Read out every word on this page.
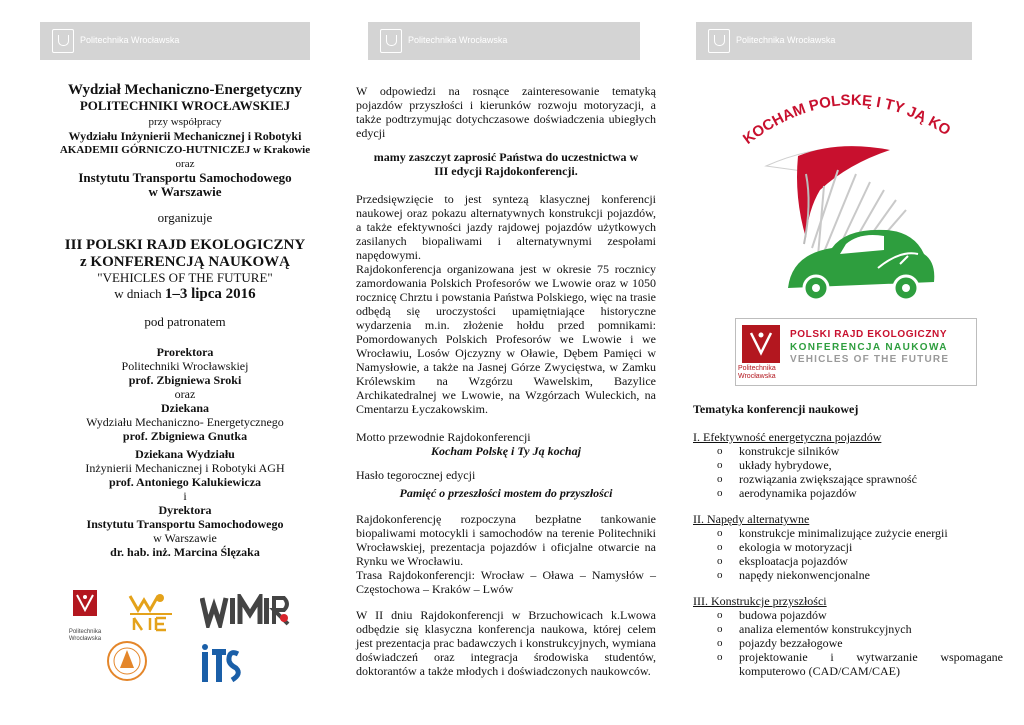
Politechnika Wrocławska	Politechnika Wrocławska	Politechnika Wrocławska

Wydział Mechaniczno-Energetyczny

POLITECHNIKI WROCŁAWSKIEJ

przy współpracy

Wydziału Inżynierii Mechanicznej i Robotyki

AKADEMII GÓRNICZO-HUTNICZEJ w Krakowie

oraz

Instytutu Transportu Samochodowego

w Warszawie

organizuje

III POLSKI RAJD EKOLOGICZNY

z KONFERENCJĄ NAUKOWĄ

"VEHICLES OF THE FUTURE"

w dniach 1–3 lipca 2016

pod patronatem

Prorektora

Politechniki Wrocławskiej

prof. Zbigniewa Sroki

oraz

Dziekana

Wydziału Mechaniczno- Energetycznego

prof. Zbigniewa Gnutka

Dziekana Wydziału

Inżynierii Mechanicznej i Robotyki AGH

prof. Antoniego Kalukiewicza

i

Dyrektora

Instytutu Transportu Samochodowego

w Warszawie

dr. hab. inż. Marcina Ślęzaka

Politechnika Wrocławska

W odpowiedzi na rosnące zainteresowanie tematyką pojazdów przyszłości i kierunków rozwoju motoryzacji, a także podtrzymując dotychczasowe doświadczenia ubiegłych edycji

mamy zaszczyt zaprosić Państwa do uczestnictwa w III edycji Rajdokonferencji.

Przedsięwzięcie to jest syntezą klasycznej konferencji naukowej oraz pokazu alternatywnych konstrukcji pojazdów, a także efektywności jazdy rajdowej pojazdów użytkowych zasilanych biopaliwami i alternatywnymi zespołami napędowymi.

Rajdokonferencja organizowana jest w okresie 75 rocznicy zamordowania Polskich Profesorów we Lwowie oraz w 1050 rocznicę Chrztu i powstania Państwa Polskiego, więc na trasie odbędą się uroczystości upamiętniające historyczne wydarzenia m.in. złożenie hołdu przed pomnikami: Pomordowanych Polskich Profesorów we Lwowie i we Wrocławiu, Losów Ojczyzny w Oławie, Dębem Pamięci w Namysłowie, a także na Jasnej Górze Zwycięstwa, w Zamku Królewskim na Wzgórzu Wawelskim, Bazylice Archikatedralnej we Lwowie, na Wzgórzach Wuleckich, na Cmentarzu Łyczakowskim.

Motto przewodnie Rajdokonferencji

Kocham Polskę i Ty Ją kochaj

Hasło tegorocznej edycji

Pamięć o przeszłości mostem do przyszłości

Rajdokonferencję rozpoczyna bezpłatne tankowanie biopaliwami motocykli i samochodów na terenie Politechniki Wrocławskiej, prezentacja pojazdów i oficjalne otwarcie na Rynku we Wrocławiu.

Trasa Rajdokonferencji: Wrocław – Oława – Namysłów – Częstochowa – Kraków – Lwów

W II dniu Rajdokonferencji w Brzuchowicach k.Lwowa odbędzie się klasyczna konferencja naukowa, której celem jest prezentacja prac badawczych i konstrukcyjnych, wymiana doświadczeń oraz integracja środowiska studentów, doktorantów a także młodych i doświadczonych naukowców.

KOCHAM POLSKĘ I TY JĄ KO
Politechnika Wrocławska
POLSKI RAJD EKOLOGICZNY
KONFERENCJA NAUKOWA
VEHICLES OF THE FUTURE
Tematyka konferencji naukowej
I. Efektywność energetyczna pojazdów
o konstrukcje silników
o układy hybrydowe,
o rozwiązania zwiększające sprawność
o aerodynamika pojazdów
II. Napędy alternatywne
o konstrukcje minimalizujące zużycie energii
o ekologia w motoryzacji
o eksploatacja pojazdów
o napędy niekonwencjonalne
III. Konstrukcje przyszłości
o budowa pojazdów
o analiza elementów konstrukcyjnych
o pojazdy bezzałogowe
o projektowanie i wytwarzanie wspomagane komputerowo (CAD/CAM/CAE)
